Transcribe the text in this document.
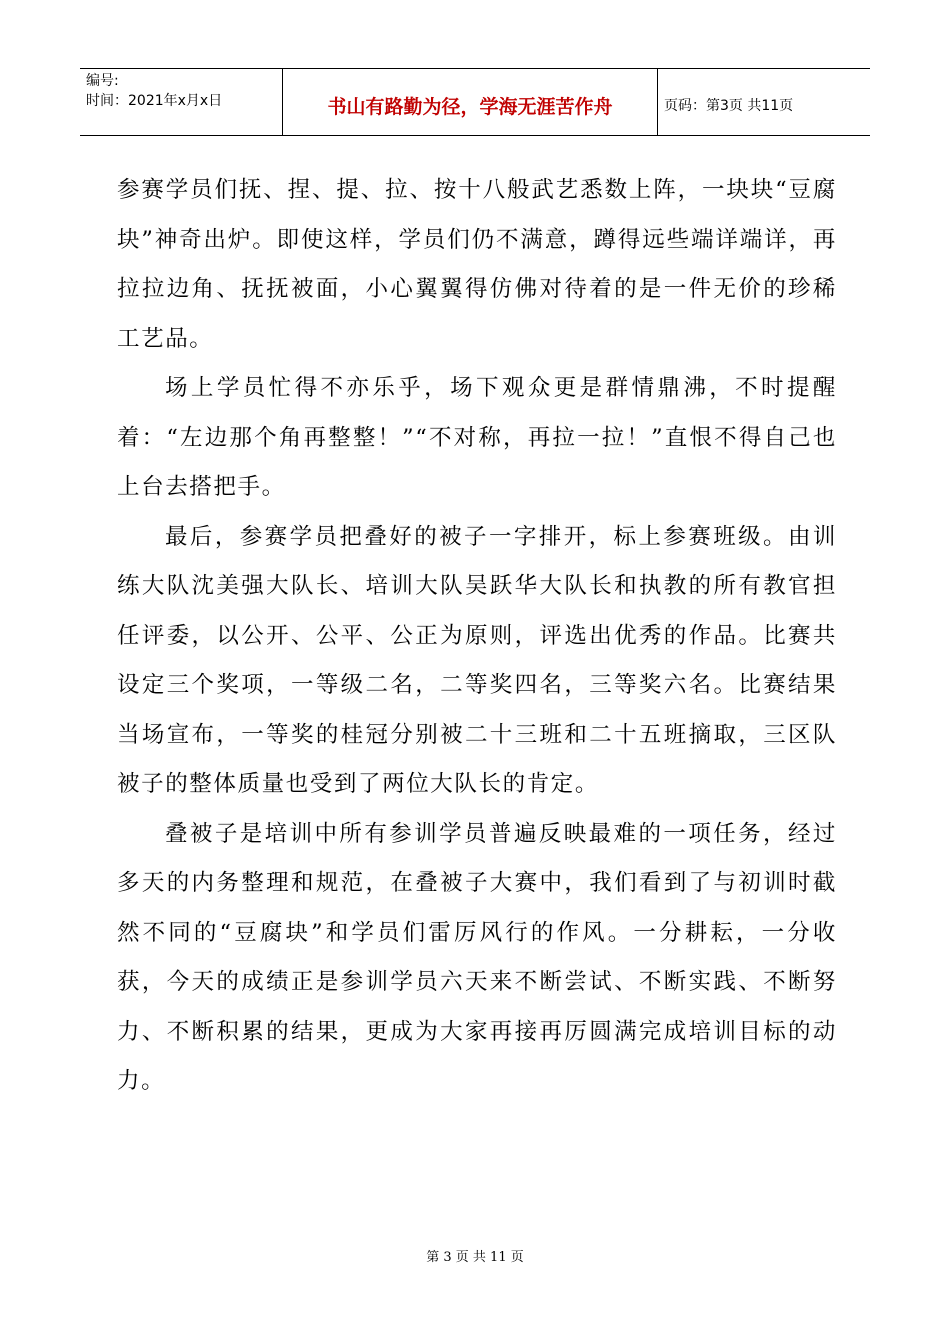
编号:
时间：2021年x月x日	书山有路勤为径，学海无涯苦作舟	页码：第3页 共11页

参赛学员们抚、捏、提、拉、按十八般武艺悉数上阵，一块块“豆腐块”神奇出炉。即使这样，学员们仍不满意，蹲得远些端详端详，再拉拉边角、抚抚被面，小心翼翼得仿佛对待着的是一件无价的珍稀工艺品。

场上学员忙得不亦乐乎，场下观众更是群情鼎沸，不时提醒着：“左边那个角再整整！”“不对称，再拉一拉！”直恨不得自己也上台去搭把手。

最后，参赛学员把叠好的被子一字排开，标上参赛班级。由训练大队沈美强大队长、培训大队吴跃华大队长和执教的所有教官担任评委，以公开、公平、公正为原则，评选出优秀的作品。比赛共设定三个奖项，一等级二名，二等奖四名，三等奖六名。比赛结果当场宣布，一等奖的桂冠分别被二十三班和二十五班摘取，三区队被子的整体质量也受到了两位大队长的肯定。

叠被子是培训中所有参训学员普遍反映最难的一项任务，经过多天的内务整理和规范，在叠被子大赛中，我们看到了与初训时截然不同的“豆腐块”和学员们雷厉风行的作风。一分耕耘，一分收获，今天的成绩正是参训学员六天来不断尝试、不断实践、不断努力、不断积累的结果，更成为大家再接再厉圆满完成培训目标的动力。

第 3 页 共 11 页
